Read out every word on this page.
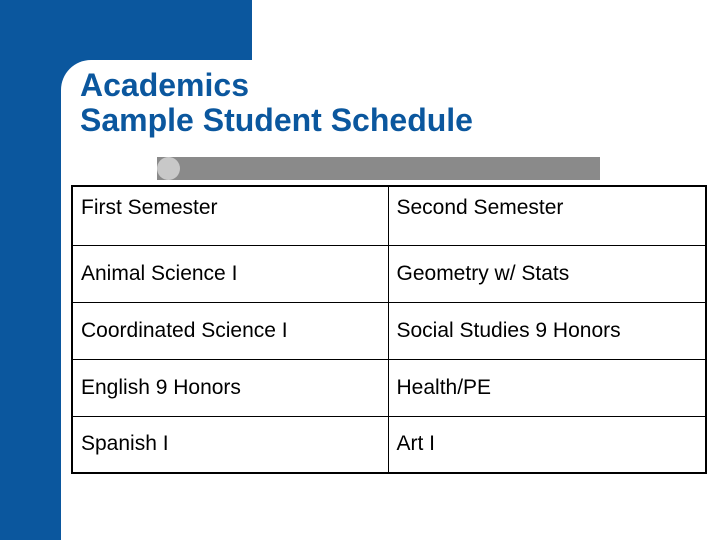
Academics
Sample Student Schedule
First Semester	Second Semester
Animal Science I	Geometry w/ Stats
Coordinated Science I	Social Studies 9 Honors
English 9 Honors	Health/PE
Spanish I	Art I
